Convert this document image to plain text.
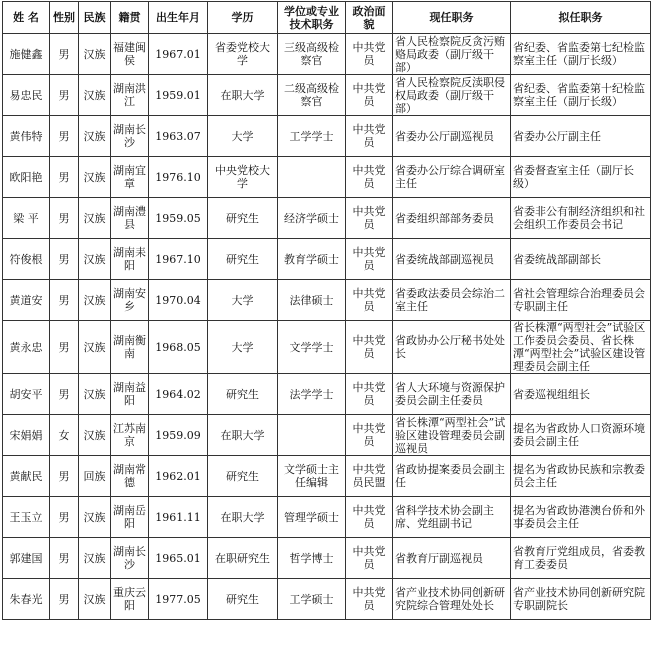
姓 名	性别	民族	籍贯	出生年月	学历	学位或专业技术职务	政治面貌	现任职务	拟任职务
施健鑫	男	汉族	福建闽侯	1967.01	省委党校大学	三级高级检察官	中共党员	省人民检察院反贪污贿赂局政委（副厅级干部）	省纪委、省监委第七纪检监察室主任（副厅长级）
易忠民	男	汉族	湖南洪江	1959.01	在职大学	二级高级检察官	中共党员	省人民检察院反渎职侵权局政委（副厅级干部）	省纪委、省监委第十纪检监察室主任（副厅长级）
黄伟特	男	汉族	湖南长沙	1963.07	大学	工学学士	中共党员	省委办公厅副巡视员	省委办公厅副主任
欧阳艳	男	汉族	湖南宜章	1976.10	中央党校大学		中共党员	省委办公厅综合调研室主任	省委督查室主任（副厅长级）
梁 平	男	汉族	湖南澧县	1959.05	研究生	经济学硕士	中共党员	省委组织部部务委员	省委非公有制经济组织和社会组织工作委员会书记
符俊根	男	汉族	湖南耒阳	1967.10	研究生	教育学硕士	中共党员	省委统战部副巡视员	省委统战部副部长
黄道安	男	汉族	湖南安乡	1970.04	大学	法律硕士	中共党员	省委政法委员会综治二室主任	省社会管理综合治理委员会专职副主任
黄永忠	男	汉族	湖南衡南	1968.05	大学	文学学士	中共党员	省政协办公厅秘书处处长	省长株潭“两型社会”试验区工作委员会委员、省长株潭“两型社会”试验区建设管理委员会副主任
胡安平	男	汉族	湖南益阳	1964.02	研究生	法学学士	中共党员	省人大环境与资源保护委员会副主任委员	省委巡视组组长
宋娟娟	女	汉族	江苏南京	1959.09	在职大学		中共党员	省长株潭“两型社会”试验区建设管理委员会副巡视员	提名为省政协人口资源环境委员会副主任
黄献民	男	回族	湖南常德	1962.01	研究生	文学硕士主任编辑	中共党员民盟	省政协提案委员会副主任	提名为省政协民族和宗教委员会主任
王玉立	男	汉族	湖南岳阳	1961.11	在职大学	管理学硕士	中共党员	省科学技术协会副主席、党组副书记	提名为省政协港澳台侨和外事委员会主任
郭建国	男	汉族	湖南长沙	1965.01	在职研究生	哲学博士	中共党员	省教育厅副巡视员	省教育厅党组成员，省委教育工委委员
朱春光	男	汉族	重庆云阳	1977.05	研究生	工学硕士	中共党员	省产业技术协同创新研究院综合管理处处长	省产业技术协同创新研究院专职副院长
